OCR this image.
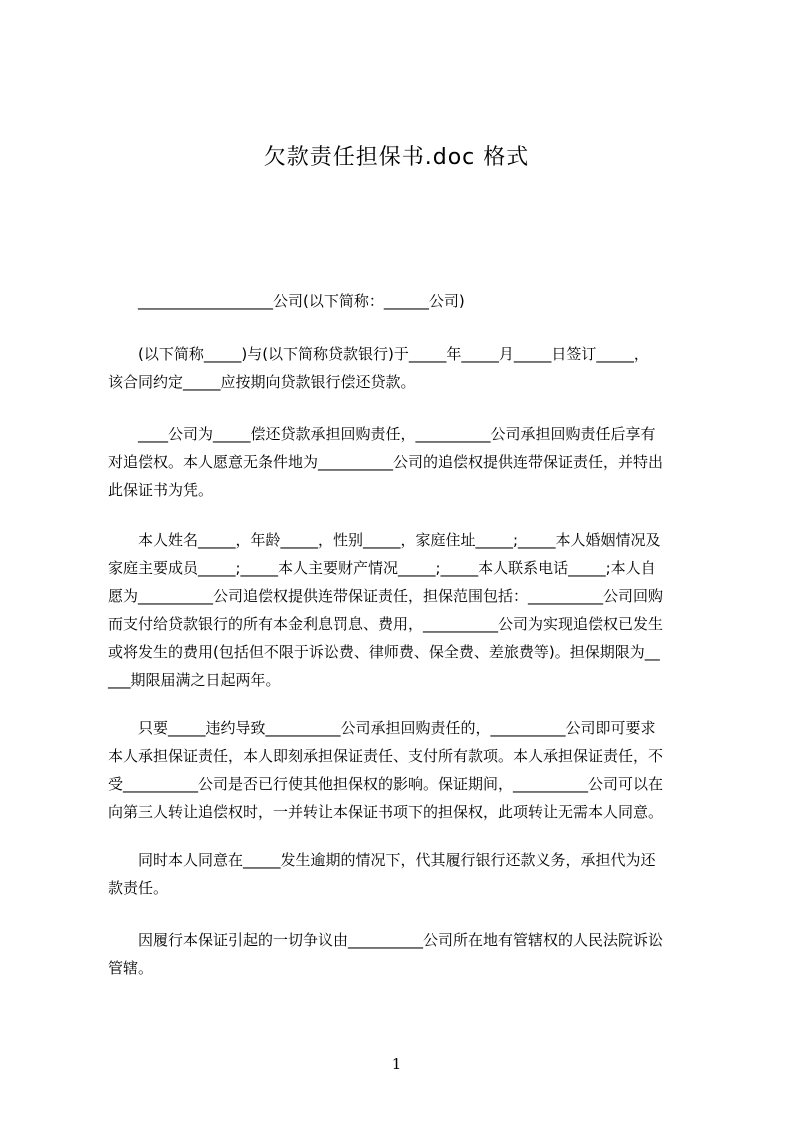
欠款责任担保书.doc 格式
__________________公司(以下简称：______公司)
(以下简称_____)与(以下简称贷款银行)于_____年_____月_____日签订_____，
该合同约定_____应按期向贷款银行偿还贷款。
____公司为_____偿还贷款承担回购责任，__________公司承担回购责任后享有
对追偿权。本人愿意无条件地为__________公司的追偿权提供连带保证责任，并特出
此保证书为凭。
本人姓名_____，年龄_____，性别_____，家庭住址_____;_____本人婚姻情况及
家庭主要成员_____;_____本人主要财产情况_____;_____本人联系电话_____;本人自
愿为__________公司追偿权提供连带保证责任，担保范围包括：__________公司回购
而支付给贷款银行的所有本金利息罚息、费用，__________公司为实现追偿权已发生
或将发生的费用(包括但不限于诉讼费、律师费、保全费、差旅费等)。担保期限为__
___期限届满之日起两年。
只要_____违约导致__________公司承担回购责任的，__________公司即可要求
本人承担保证责任，本人即刻承担保证责任、支付所有款项。本人承担保证责任，不
受__________公司是否已行使其他担保权的影响。保证期间，__________公司可以在
向第三人转让追偿权时，一并转让本保证书项下的担保权，此项转让无需本人同意。
同时本人同意在_____发生逾期的情况下，代其履行银行还款义务，承担代为还
款责任。
因履行本保证引起的一切争议由__________公司所在地有管辖权的人民法院诉讼
管辖。
1
